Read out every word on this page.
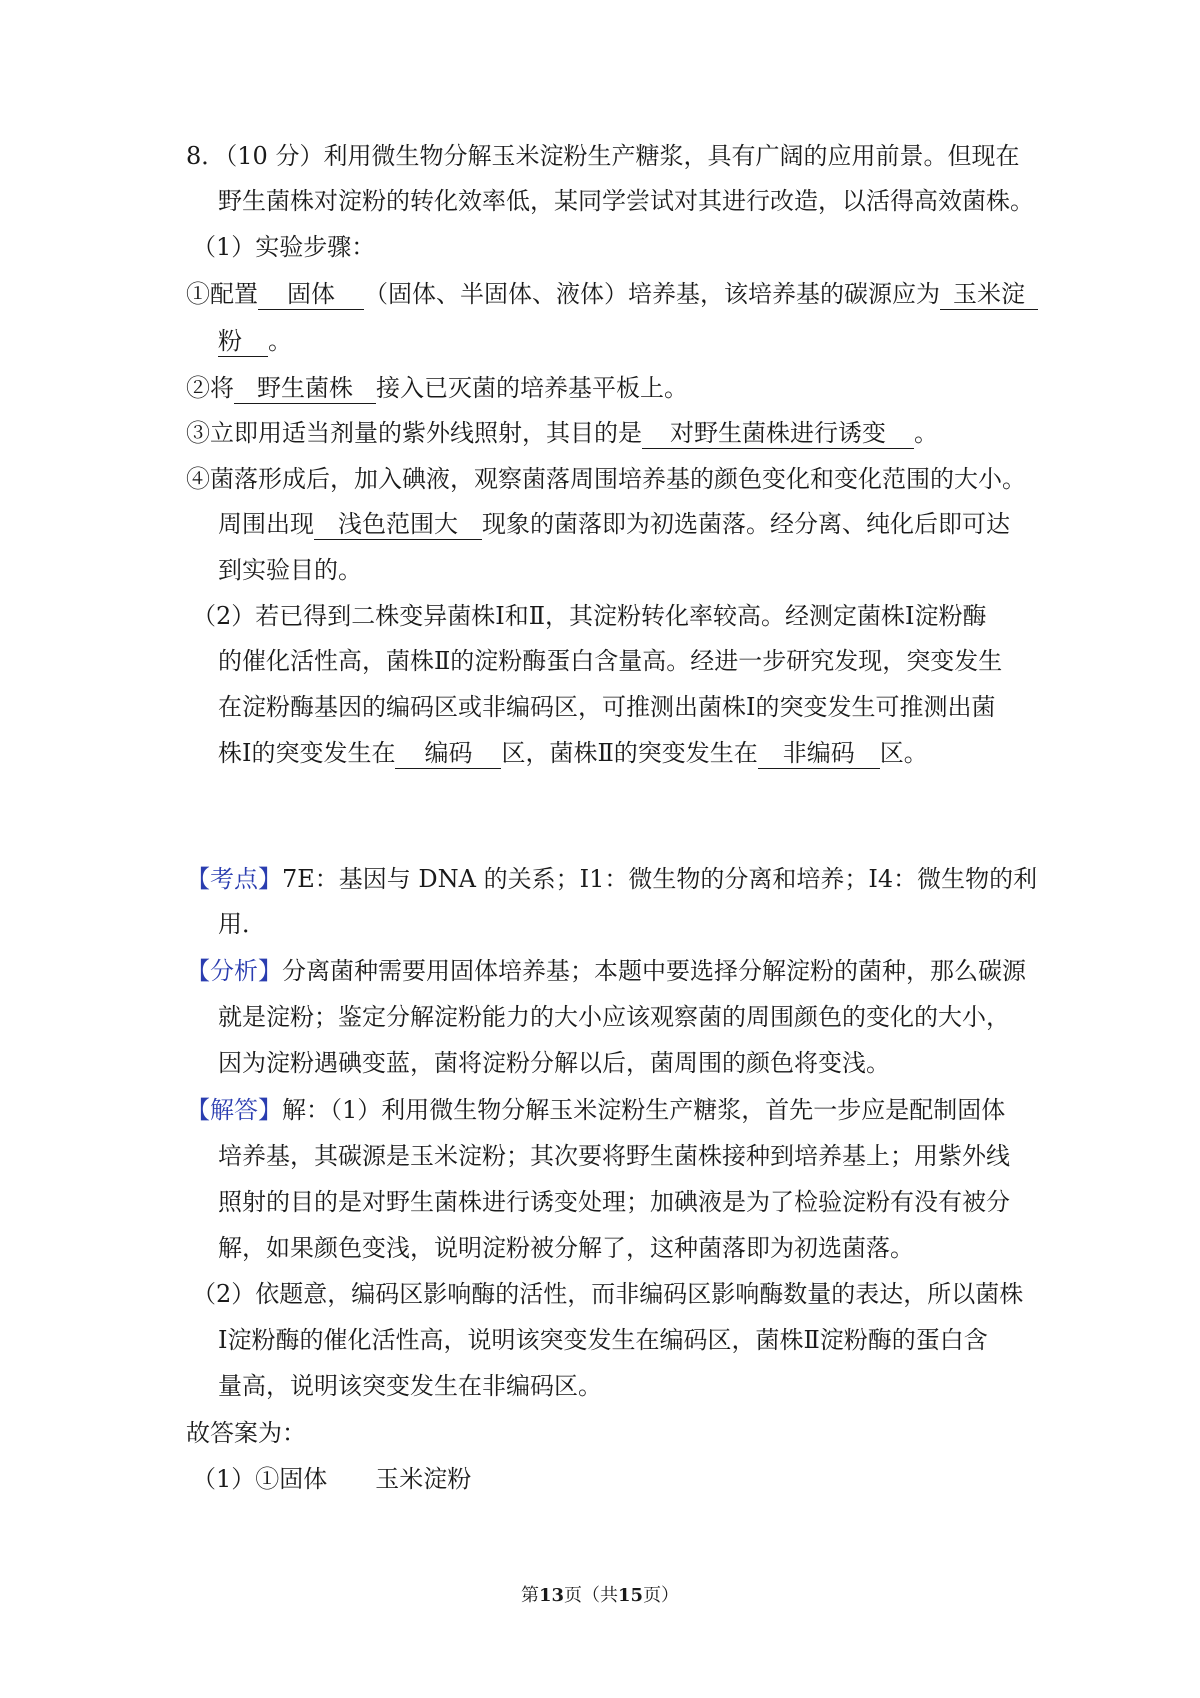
8．（10 分）利用微生物分解玉米淀粉生产糖浆，具有广阔的应用前景。但现在
野生菌株对淀粉的转化效率低，某同学尝试对其进行改造，以活得高效菌株。
（1）实验步骤：
①配置 固体 （固体、半固体、液体）培养基，该培养基的碳源应为 玉米淀
粉 。
②将 野生菌株 接入已灭菌的培养基平板上。
③立即用适当剂量的紫外线照射，其目的是 对野生菌株进行诱变 。
④菌落形成后，加入碘液，观察菌落周围培养基的颜色变化和变化范围的大小。
周围出现 浅色范围大 现象的菌落即为初选菌落。经分离、纯化后即可达
到实验目的。
（2）若已得到二株变异菌株Ⅰ和Ⅱ，其淀粉转化率较高。经测定菌株Ⅰ淀粉酶
的催化活性高，菌株Ⅱ的淀粉酶蛋白含量高。经进一步研究发现，突变发生
在淀粉酶基因的编码区或非编码区，可推测出菌株Ⅰ的突变发生可推测出菌
株Ⅰ的突变发生在 编码 区，菌株Ⅱ的突变发生在 非编码 区。
【考点】7E：基因与 DNA 的关系；I1：微生物的分离和培养；I4：微生物的利
用．
【分析】分离菌种需要用固体培养基；本题中要选择分解淀粉的菌种，那么碳源
就是淀粉；鉴定分解淀粉能力的大小应该观察菌的周围颜色的变化的大小，
因为淀粉遇碘变蓝，菌将淀粉分解以后，菌周围的颜色将变浅。
【解答】解：（1）利用微生物分解玉米淀粉生产糖浆，首先一步应是配制固体
培养基，其碳源是玉米淀粉；其次要将野生菌株接种到培养基上；用紫外线
照射的目的是对野生菌株进行诱变处理；加碘液是为了检验淀粉有没有被分
解，如果颜色变浅，说明淀粉被分解了，这种菌落即为初选菌落。
（2）依题意，编码区影响酶的活性，而非编码区影响酶数量的表达，所以菌株
Ⅰ淀粉酶的催化活性高，说明该突变发生在编码区，菌株Ⅱ淀粉酶的蛋白含
量高，说明该突变发生在非编码区。
故答案为：
（1）①固体　　玉米淀粉
第13页（共15页）
